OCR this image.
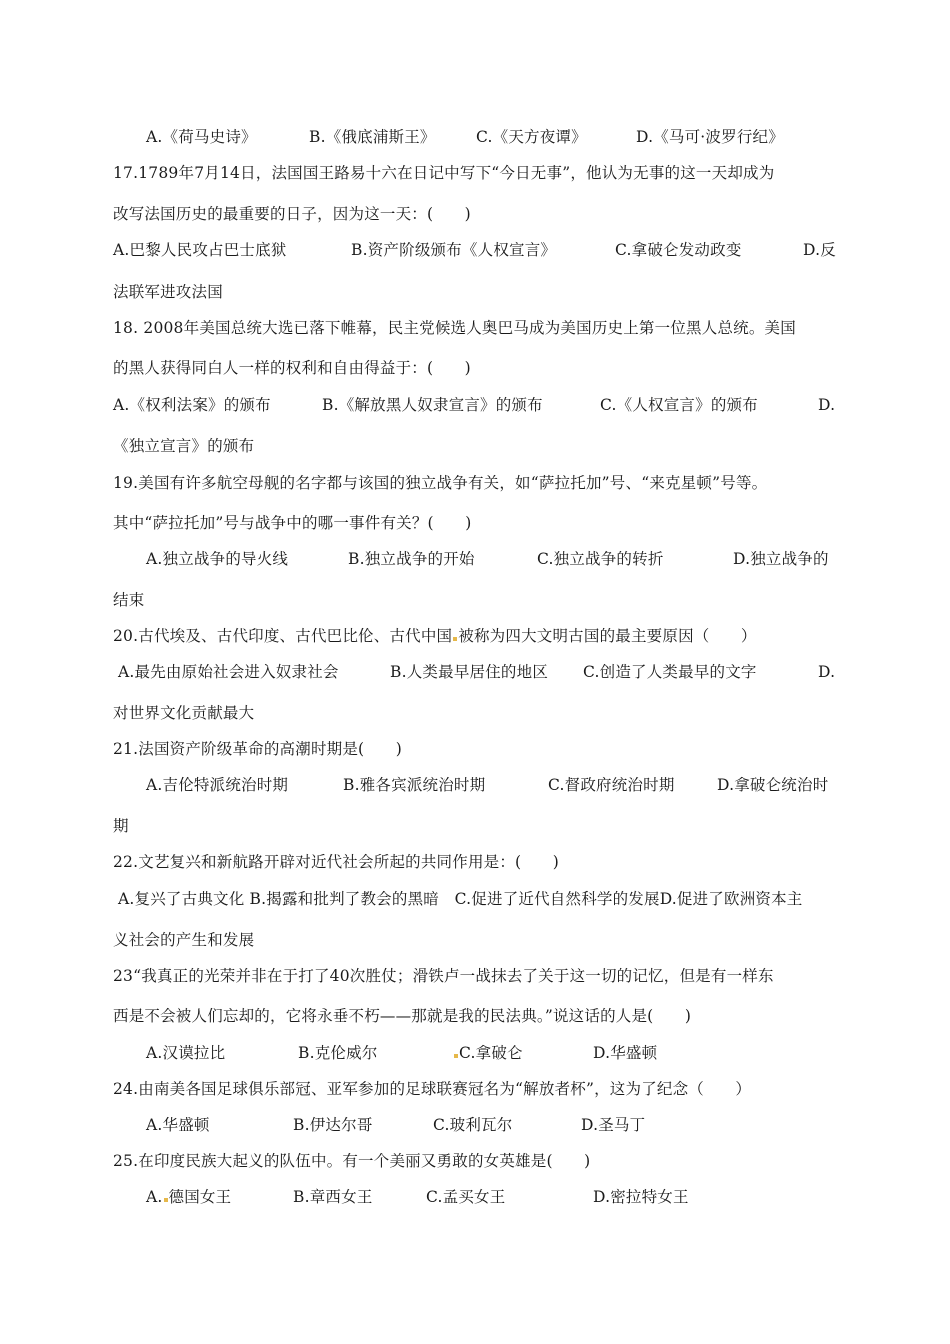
A.《荷马史诗》	B.《俄底浦斯王》	C.《天方夜谭》	D.《马可·波罗行纪》
17.1789年7月14日，法国国王路易十六在日记中写下“今日无事”，他认为无事的这一天却成为
改写法国历史的最重要的日子，因为这一天：(　　)
A.巴黎人民攻占巴士底狱	B.资产阶级颁布《人权宣言》	C.拿破仑发动政变	D.反
法联军进攻法国
18. 2008年美国总统大选已落下帷幕，民主党候选人奥巴马成为美国历史上第一位黑人总统。美国
的黑人获得同白人一样的权利和自由得益于：(　　)
A.《权利法案》的颁布	B.《解放黑人奴隶宣言》的颁布	C.《人权宣言》的颁布	D.
《独立宣言》的颁布
19.美国有许多航空母舰的名字都与该国的独立战争有关，如“萨拉托加”号、“来克星顿”号等。
其中“萨拉托加”号与战争中的哪一事件有关？(　　)
A.独立战争的导火线	B.独立战争的开始	C.独立战争的转折	D.独立战争的
结束
20.古代埃及、古代印度、古代巴比伦、古代中国 被称为四大文明古国的最主要原因（　　）
A.最先由原始社会进入奴隶社会	B.人类最早居住的地区 C.创造了人类最早的文字	D.
对世界文化贡献最大
21.法国资产阶级革命的高潮时期是(　　)
A.吉伦特派统治时期	B.雅各宾派统治时期	C.督政府统治时期	D.拿破仑统治时
期
22.文艺复兴和新航路开辟对近代社会所起的共同作用是：(　　)
A.复兴了古典文化 B.揭露和批判了教会的黑暗　C.促进了近代自然科学的发展D.促进了欧洲资本主
义社会的产生和发展
23“我真正的光荣并非在于打了40次胜仗；滑铁卢一战抹去了关于这一切的记忆，但是有一样东
西是不会被人们忘却的，它将永垂不朽——那就是我的民法典。”说这话的人是(　　)
A.汉谟拉比	B.克伦威尔	C.拿破仑	D.华盛顿
24.由南美各国足球俱乐部冠、亚军参加的足球联赛冠名为“解放者杯”，这为了纪念（　　）
A.华盛顿	B.伊达尔哥	C.玻利瓦尔	D.圣马丁
25.在印度民族大起义的队伍中。有一个美丽又勇敢的女英雄是(　　)
A. 德国女王	B.章西女王	C.孟买女王	D.密拉特女王
